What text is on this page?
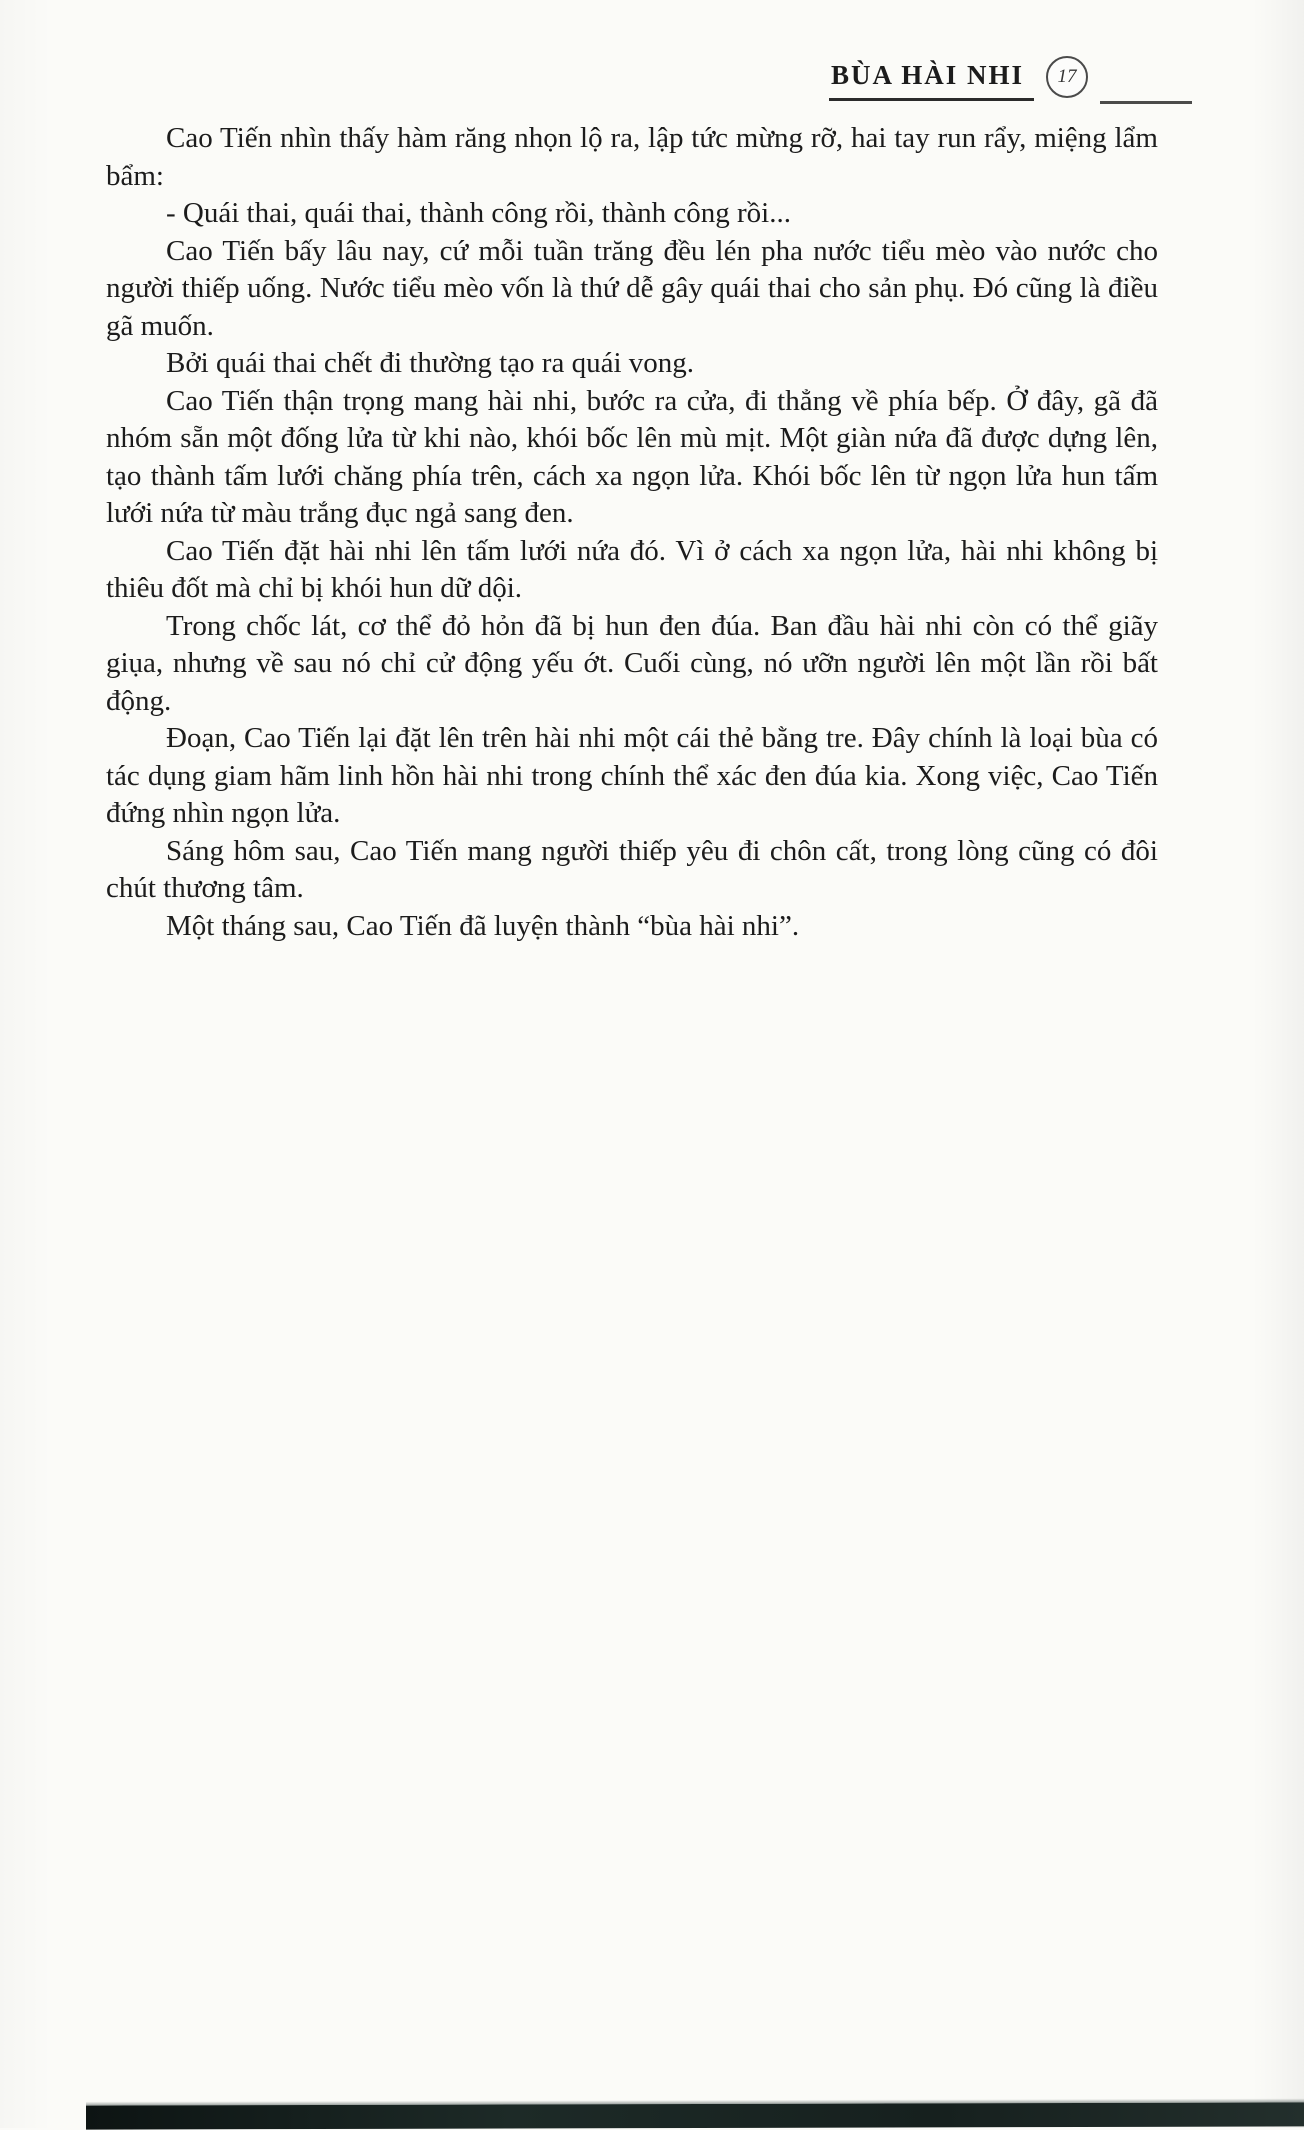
BÙA HÀI NHI	17

Cao Tiến nhìn thấy hàm răng nhọn lộ ra, lập tức mừng rỡ, hai tay run rẩy, miệng lẩm bẩm:

- Quái thai, quái thai, thành công rồi, thành công rồi...

Cao Tiến bấy lâu nay, cứ mỗi tuần trăng đều lén pha nước tiểu mèo vào nước cho người thiếp uống. Nước tiểu mèo vốn là thứ dễ gây quái thai cho sản phụ. Đó cũng là điều gã muốn.

Bởi quái thai chết đi thường tạo ra quái vong.

Cao Tiến thận trọng mang hài nhi, bước ra cửa, đi thẳng về phía bếp. Ở đây, gã đã nhóm sẵn một đống lửa từ khi nào, khói bốc lên mù mịt. Một giàn nứa đã được dựng lên, tạo thành tấm lưới chăng phía trên, cách xa ngọn lửa. Khói bốc lên từ ngọn lửa hun tấm lưới nứa từ màu trắng đục ngả sang đen.

Cao Tiến đặt hài nhi lên tấm lưới nứa đó. Vì ở cách xa ngọn lửa, hài nhi không bị thiêu đốt mà chỉ bị khói hun dữ dội.

Trong chốc lát, cơ thể đỏ hỏn đã bị hun đen đúa. Ban đầu hài nhi còn có thể giãy giụa, nhưng về sau nó chỉ cử động yếu ớt. Cuối cùng, nó ưỡn người lên một lần rồi bất động.

Đoạn, Cao Tiến lại đặt lên trên hài nhi một cái thẻ bằng tre. Đây chính là loại bùa có tác dụng giam hãm linh hồn hài nhi trong chính thể xác đen đúa kia. Xong việc, Cao Tiến đứng nhìn ngọn lửa.

Sáng hôm sau, Cao Tiến mang người thiếp yêu đi chôn cất, trong lòng cũng có đôi chút thương tâm.

Một tháng sau, Cao Tiến đã luyện thành “bùa hài nhi”.
